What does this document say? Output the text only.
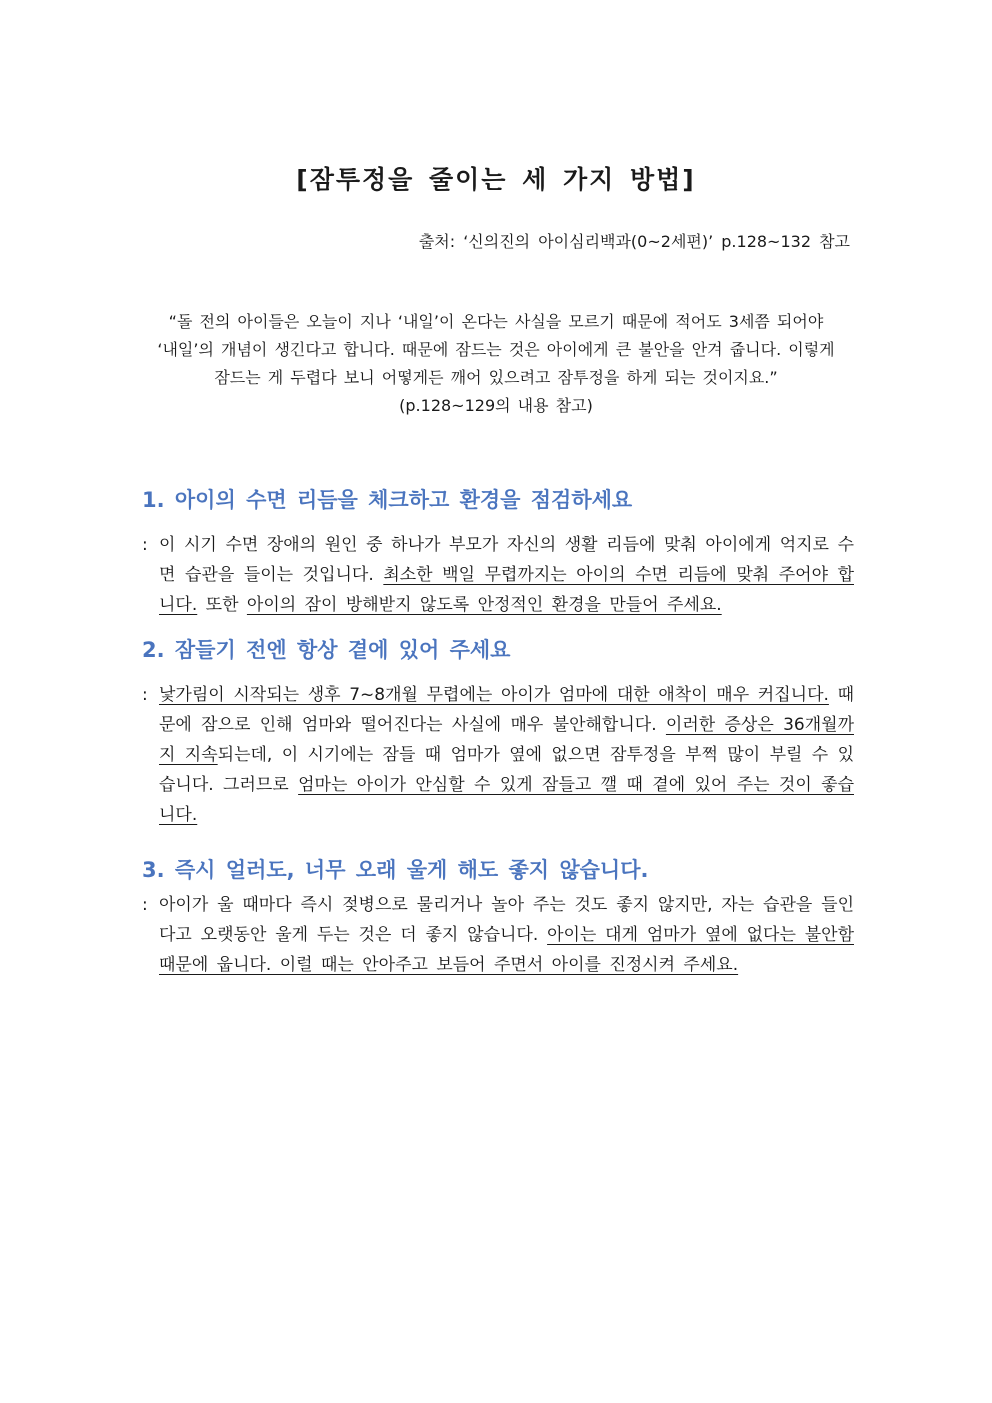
[잠투정을 줄이는 세 가지 방법]
출처: ‘신의진의 아이심리백과(0~2세편)’ p.128~132 참고

“돌 전의 아이들은 오늘이 지나 ‘내일’이 온다는 사실을 모르기 때문에 적어도 3세쯤 되어야

‘내일’의 개념이 생긴다고 합니다. 때문에 잠드는 것은 아이에게 큰 불안을 안겨 줍니다. 이렇게

잠드는 게 두렵다 보니 어떻게든 깨어 있으려고 잠투정을 하게 되는 것이지요.”

(p.128~129의 내용 참고)

1. 아이의 수면 리듬을 체크하고 환경을 점검하세요
: 이 시기 수면 장애의 원인 중 하나가 부모가 자신의 생활 리듬에 맞춰 아이에게 억지로 수면 습관을 들이는 것입니다. 최소한 백일 무렵까지는 아이의 수면 리듬에 맞춰 주어야 합니다. 또한 아이의 잠이 방해받지 않도록 안정적인 환경을 만들어 주세요.
2. 잠들기 전엔 항상 곁에 있어 주세요
: 낯가림이 시작되는 생후 7~8개월 무렵에는 아이가 엄마에 대한 애착이 매우 커집니다. 때문에 잠으로 인해 엄마와 떨어진다는 사실에 매우 불안해합니다. 이러한 증상은 36개월까지 지속되는데, 이 시기에는 잠들 때 엄마가 옆에 없으면 잠투정을 부쩍 많이 부릴 수 있습니다. 그러므로 엄마는 아이가 안심할 수 있게 잠들고 깰 때 곁에 있어 주는 것이 좋습니다.
3. 즉시 얼러도, 너무 오래 울게 해도 좋지 않습니다.
: 아이가 울 때마다 즉시 젖병으로 물리거나 놀아 주는 것도 좋지 않지만, 자는 습관을 들인다고 오랫동안 울게 두는 것은 더 좋지 않습니다. 아이는 대게 엄마가 옆에 없다는 불안함 때문에 웁니다. 이럴 때는 안아주고 보듬어 주면서 아이를 진정시켜 주세요.
